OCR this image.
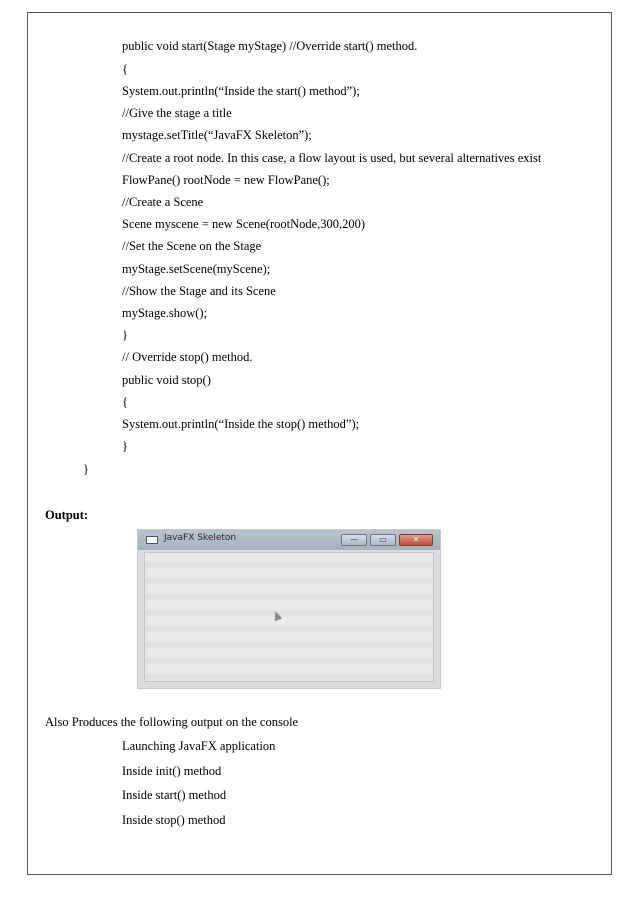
public void start(Stage myStage) //Override start() method.
{
System.out.println(“Inside the start() method”);
//Give the stage a title
mystage.setTitle(“JavaFX Skeleton”);
//Create a root node. In this case, a flow layout is used, but several alternatives exist
FlowPane() rootNode = new FlowPane();
//Create a Scene
Scene myscene = new Scene(rootNode,300,200)
//Set the Scene on the Stage
myStage.setScene(myScene);
//Show the Stage and its Scene
myStage.show();
}
// Override stop() method.
public void stop()
{
System.out.println(“Inside the stop() method”);
}
}
Output:
JavaFX Skeleton	—	▭	✕
Also Produces the following output on the console
Launching JavaFX application
Inside init() method
Inside start() method
Inside stop() method
